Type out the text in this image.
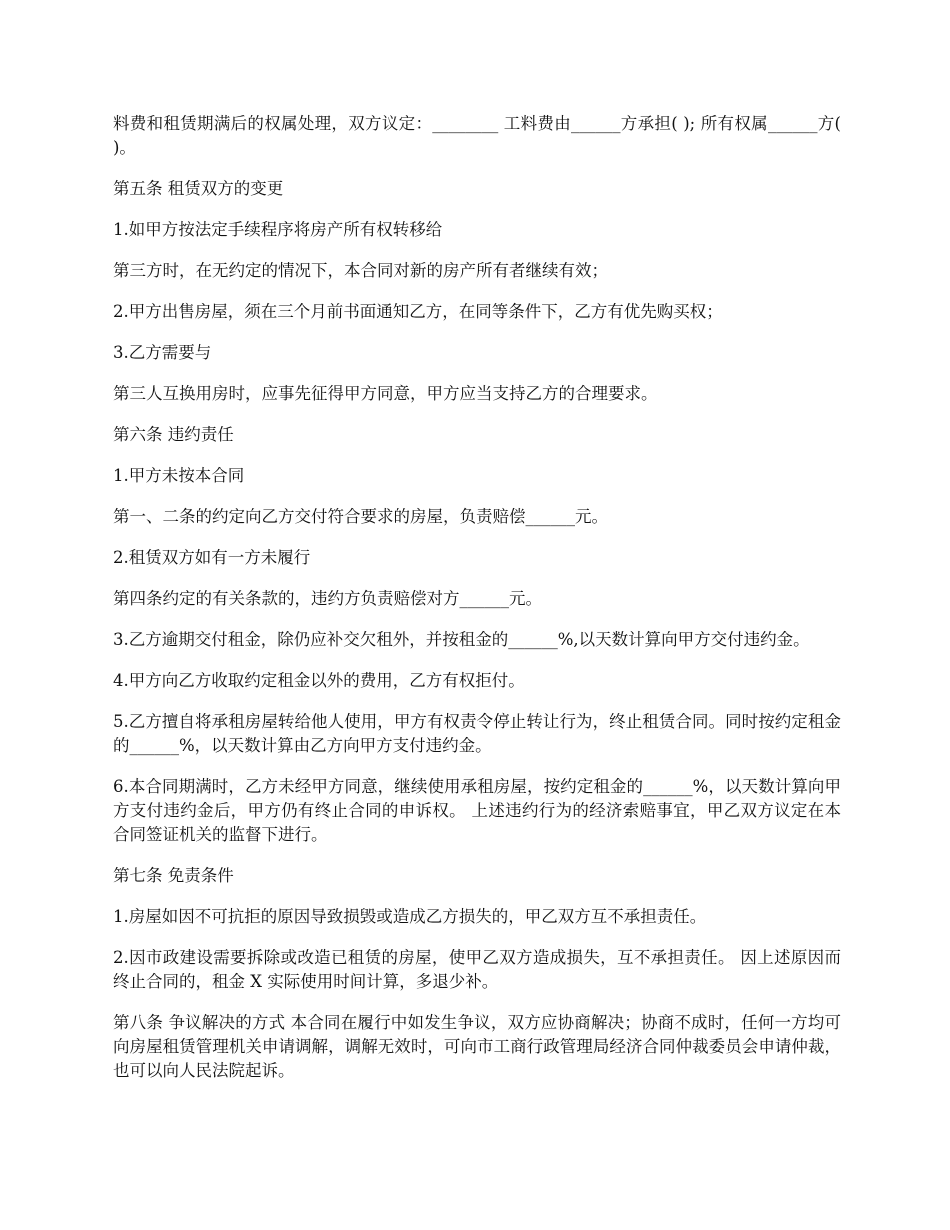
料费和租赁期满后的权属处理，双方议定：________ 工料费由______方承担( ); 所有权属______方( )。

第五条 租赁双方的变更

1.如甲方按法定手续程序将房产所有权转移给

第三方时，在无约定的情况下，本合同对新的房产所有者继续有效；

2.甲方出售房屋，须在三个月前书面通知乙方，在同等条件下，乙方有优先购买权；

3.乙方需要与

第三人互换用房时，应事先征得甲方同意，甲方应当支持乙方的合理要求。

第六条 违约责任

1.甲方未按本合同

第一、二条的约定向乙方交付符合要求的房屋，负责赔偿______元。

2.租赁双方如有一方未履行

第四条约定的有关条款的，违约方负责赔偿对方______元。

3.乙方逾期交付租金，除仍应补交欠租外，并按租金的______%,以天数计算向甲方交付违约金。

4.甲方向乙方收取约定租金以外的费用，乙方有权拒付。

5.乙方擅自将承租房屋转给他人使用，甲方有权责令停止转让行为，终止租赁合同。同时按约定租金的______%，以天数计算由乙方向甲方支付违约金。

6.本合同期满时，乙方未经甲方同意，继续使用承租房屋，按约定租金的______%，以天数计算向甲方支付违约金后，甲方仍有终止合同的申诉权。 上述违约行为的经济索赔事宜，甲乙双方议定在本合同签证机关的监督下进行。

第七条 免责条件

1.房屋如因不可抗拒的原因导致损毁或造成乙方损失的，甲乙双方互不承担责任。

2.因市政建设需要拆除或改造已租赁的房屋，使甲乙双方造成损失，互不承担责任。 因上述原因而终止合同的，租金 X 实际使用时间计算，多退少补。

第八条 争议解决的方式 本合同在履行中如发生争议，双方应协商解决；协商不成时，任何一方均可向房屋租赁管理机关申请调解，调解无效时，可向市工商行政管理局经济合同仲裁委员会申请仲裁，也可以向人民法院起诉。
